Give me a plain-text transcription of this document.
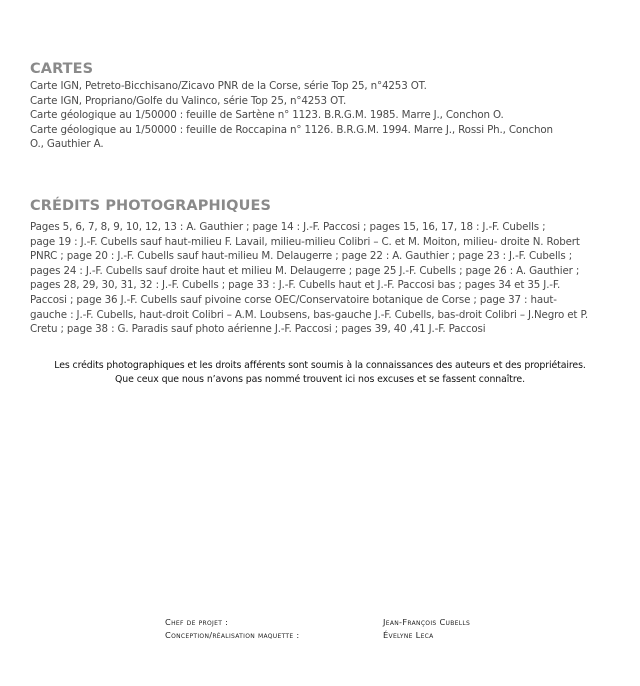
CARTES
Carte IGN, Petreto-Bicchisano/Zicavo PNR de la Corse, série Top 25, n°4253 OT.
Carte IGN, Propriano/Golfe du Valinco, série Top 25, n°4253 OT.
Carte géologique au 1/50000 : feuille de Sartène n° 1123. B.R.G.M. 1985. Marre J., Conchon O.
Carte géologique au 1/50000 : feuille de Roccapina n° 1126. B.R.G.M. 1994. Marre J., Rossi Ph., Conchon
O., Gauthier A.
CRÉDITS PHOTOGRAPHIQUES
Pages 5, 6, 7, 8, 9, 10, 12, 13 : A. Gauthier ; page 14 : J.-F. Paccosi ; pages 15, 16, 17, 18 : J.-F. Cubells ;
page 19 : J.-F. Cubells sauf haut-milieu F. Lavail, milieu-milieu Colibri – C. et M. Moiton, milieu- droite N. Robert
PNRC ; page 20 : J.-F. Cubells sauf haut-milieu M. Delaugerre ; page 22 : A. Gauthier ; page 23 : J.-F. Cubells ;
pages 24 : J.-F. Cubells sauf droite haut et milieu M. Delaugerre ; page 25 J.-F. Cubells ; page 26 : A. Gauthier ;
pages 28, 29, 30, 31, 32 : J.-F. Cubells ; page 33 : J.-F. Cubells haut et J.-F. Paccosi bas ; pages 34 et 35 J.-F.
Paccosi ; page 36 J.-F. Cubells sauf pivoine corse OEC/Conservatoire botanique de Corse ; page 37 : haut-
gauche : J.-F. Cubells, haut-droit Colibri – A.M. Loubsens, bas-gauche J.-F. Cubells, bas-droit Colibri – J.Negro et P.
Cretu ; page 38 : G. Paradis sauf photo aérienne J.-F. Paccosi ; pages 39, 40 ,41 J.-F. Paccosi
Les crédits photographiques et les droits afférents sont soumis à la connaissances des auteurs et des propriétaires.
Que ceux que nous n’avons pas nommé trouvent ici nos excuses et se fassent connaître.
Chef de projet :	Jean-François Cubells
Conception/réalisation maquette :	Évelyne Leca
